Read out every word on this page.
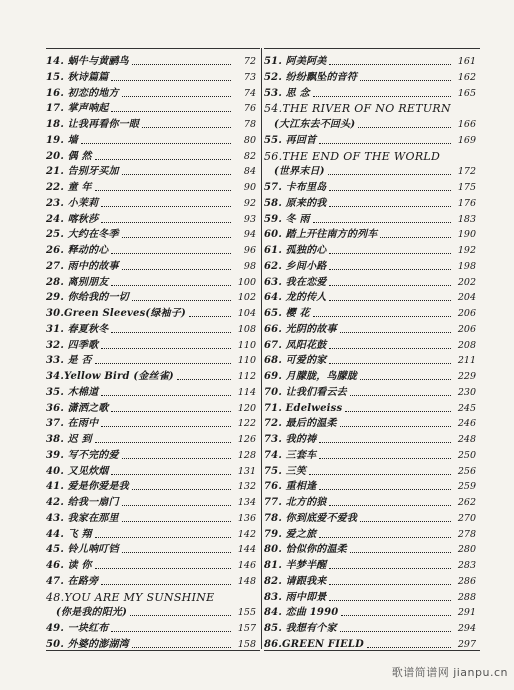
14. 蜗牛与黄鹂鸟	72
15. 秋诗篇篇	73
16. 初恋的地方	74
17. 掌声响起	76
18. 让我再看你一眼	78
19. 墙	80
20. 偶 然	82
21. 告别牙买加	84
22. 童 年	90
23. 小茉莉	92
24. 喀秋莎	93
25. 大约在冬季	94
26. 释动的心	96
27. 雨中的故事	98
28. 离别朋友	100
29. 你给我的一切	102
30.Green Sleeves(绿袖子)	104
31. 春夏秋冬	108
32. 四季歌	110
33. 是 否	110
34.Yellow Bird (金丝雀)	112
35. 木棉道	114
36. 潇洒之歌	120
37. 在雨中	122
38. 迟 到	126
39. 写不完的爱	128
40. 又见炊烟	131
41. 爱是你爱是我	132
42. 给我一扇门	134
43. 我家在那里	136
44. 飞 翔	142
45. 铃儿响叮铛	144
46. 读 你	146
47. 在路旁	148
48.YOU ARE MY SUNSHINE
(你是我的阳光)	155
49. 一块红布	157
50. 外婆的澎湖湾	158
51. 阿美阿美	161
52. 纷纷飘坠的音符	162
53. 思 念	165
54.THE RIVER OF NO RETURN
(大江东去不回头)	166
55. 再回首	169
56.THE END OF THE WORLD
(世界末日)	172
57. 卡布里岛	175
58. 原来的我	176
59. 冬 雨	183
60. 踏上开往南方的列车	190
61. 孤独的心	192
62. 乡间小路	198
63. 我在恋爱	202
64. 龙的传人	204
65. 樱 花	206
66. 光阴的故事	206
67. 凤阳花鼓	208
68. 可爱的家	211
69. 月朦胧，鸟朦胧	229
70. 让我们看云去	230
71. Edelweiss	245
72. 最后的温柔	246
73. 我的祷	248
74. 三套车	250
75. 三笑	256
76. 重相逢	259
77. 北方的狼	262
78. 你到底爱不爱我	270
79. 爱之旅	278
80. 恰似你的温柔	280
81. 半梦半醒	283
82. 请跟我来	286
83. 雨中即景	288
84. 恋曲 1990	291
85. 我想有个家	294
86.GREEN FIELD	297
歌谱简谱网 jianpu.cn
